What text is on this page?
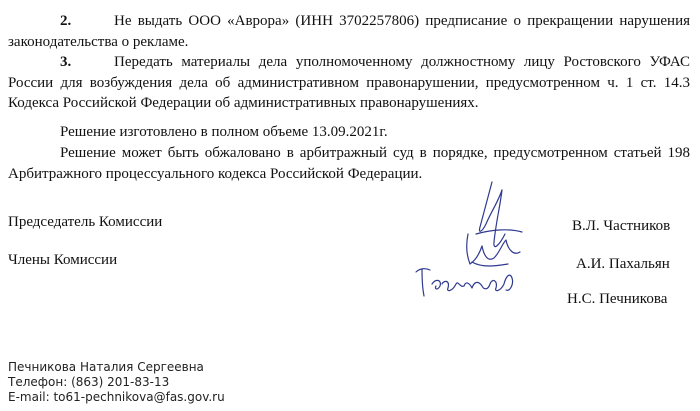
2.	Не выдать ООО «Аврора» (ИНН 3702257806) предписание о прекращении нарушения законодательства о рекламе.
3.	Передать материалы дела уполномоченному должностному лицу Ростовского УФАС России для возбуждения дела об административном правонарушении, предусмотренном ч. 1 ст. 14.3 Кодекса Российской Федерации об административных правонарушениях.
Решение изготовлено в полном объеме 13.09.2021г.
Решение может быть обжаловано в арбитражный суд в порядке, предусмотренном статьей 198 Арбитражного процессуального кодекса Российской Федерации.
Председатель Комиссии
Члены Комиссии
В.Л. Частников
А.И. Пахальян
Н.С. Печникова
Печникова Наталия Сергеевна
Телефон: (863) 201-83-13
E-mail: to61-pechnikova@fas.gov.ru
